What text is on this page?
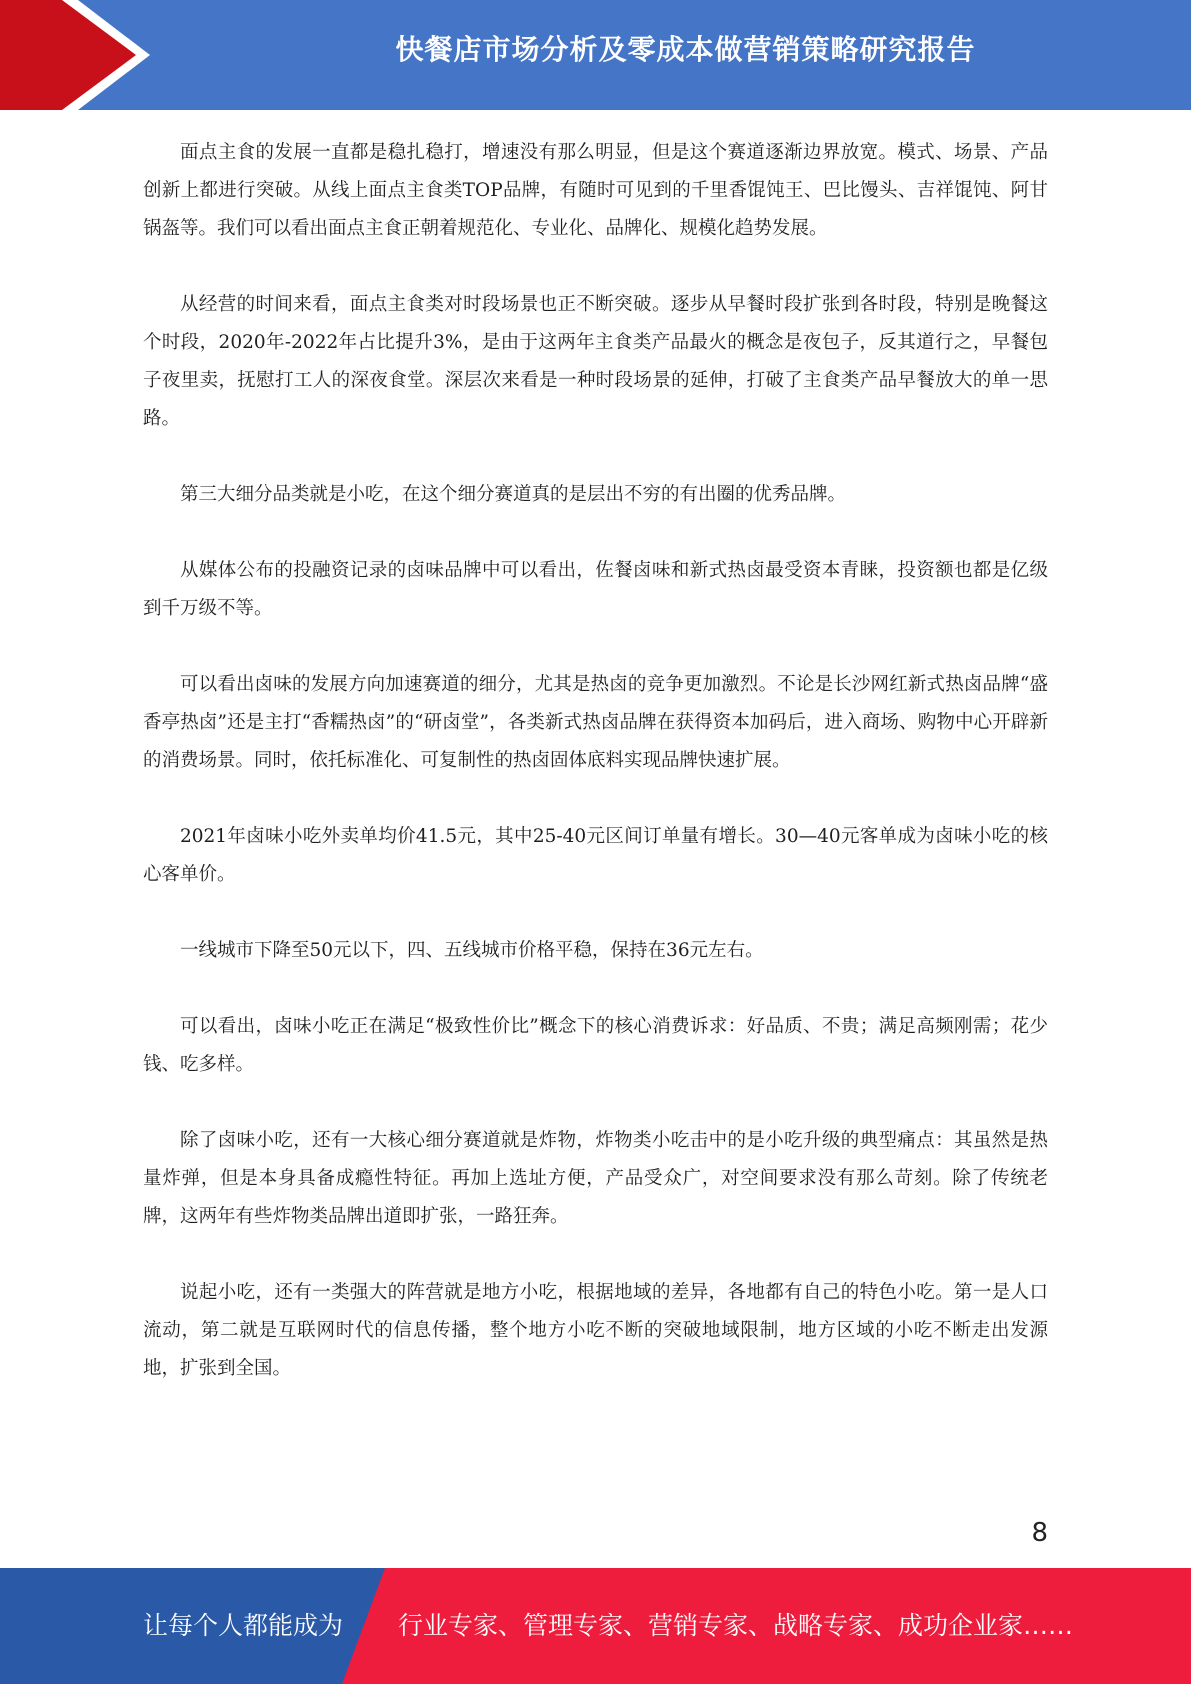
快餐店市场分析及零成本做营销策略研究报告

面点主食的发展一直都是稳扎稳打，增速没有那么明显，但是这个赛道逐渐边界放宽。模式、场景、产品创新上都进行突破。从线上面点主食类TOP品牌，有随时可见到的千里香馄饨王、巴比馒头、吉祥馄饨、阿甘锅盔等。我们可以看出面点主食正朝着规范化、专业化、品牌化、规模化趋势发展。

从经营的时间来看，面点主食类对时段场景也正不断突破。逐步从早餐时段扩张到各时段，特别是晚餐这个时段，2020年-2022年占比提升3%，是由于这两年主食类产品最火的概念是夜包子，反其道行之，早餐包子夜里卖，抚慰打工人的深夜食堂。深层次来看是一种时段场景的延伸，打破了主食类产品早餐放大的单一思路。

第三大细分品类就是小吃，在这个细分赛道真的是层出不穷的有出圈的优秀品牌。

从媒体公布的投融资记录的卤味品牌中可以看出，佐餐卤味和新式热卤最受资本青睐，投资额也都是亿级到千万级不等。

可以看出卤味的发展方向加速赛道的细分，尤其是热卤的竞争更加激烈。不论是长沙网红新式热卤品牌“盛香亭热卤”还是主打“香糯热卤”的“研卤堂”，各类新式热卤品牌在获得资本加码后，进入商场、购物中心开辟新的消费场景。同时，依托标准化、可复制性的热卤固体底料实现品牌快速扩展。

2021年卤味小吃外卖单均价41.5元，其中25-40元区间订单量有增长。30—40元客单成为卤味小吃的核心客单价。

一线城市下降至50元以下，四、五线城市价格平稳，保持在36元左右。

可以看出，卤味小吃正在满足“极致性价比”概念下的核心消费诉求：好品质、不贵；满足高频刚需；花少钱、吃多样。

除了卤味小吃，还有一大核心细分赛道就是炸物，炸物类小吃击中的是小吃升级的典型痛点：其虽然是热量炸弹，但是本身具备成瘾性特征。再加上选址方便，产品受众广，对空间要求没有那么苛刻。除了传统老牌，这两年有些炸物类品牌出道即扩张，一路狂奔。

说起小吃，还有一类强大的阵营就是地方小吃，根据地域的差异，各地都有自己的特色小吃。第一是人口流动，第二就是互联网时代的信息传播，整个地方小吃不断的突破地域限制，地方区域的小吃不断走出发源地，扩张到全国。

8
让每个人都能成为 行业专家、管理专家、营销专家、战略专家、成功企业家……
